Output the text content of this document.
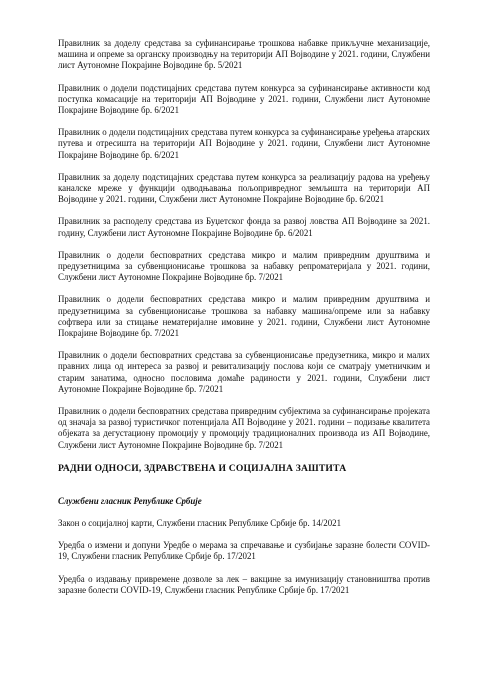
Правилник за доделу средстава за суфинансирање трошкова набавке прикључне механизације, машина и опреме за органску производњу на територији АП Војводине у 2021. години, Службени лист Аутономне Покрајине Војводине бр. 5/2021

Правилник о додели подстицајних средстава путем конкурса за суфинансирање активности код поступка комасације на територији АП Војводине у 2021. години, Службени лист Аутономне Покрајине Војводине бр. 6/2021

Правилник о додели подстицајних средстава путем конкурса за суфинансирање уређења атарских путева и отресишта на територији АП Војводине у 2021. години, Службени лист Аутономне Покрајине Војводине бр. 6/2021

Правилник за доделу подстицајних средстава путем конкурса за реализацију радова на уређењу каналске мреже у функцији одводњавања пољопривредног земљишта на територији АП Војводине у 2021. години, Службени лист Аутономне Покрајине Војводине бр. 6/2021

Правилник за расподелу средстава из Буџетског фонда за развој ловства АП Војводине за 2021. годину, Службени лист Аутономне Покрајине Војводине бр. 6/2021

Правилник о додели бесповратних средстава микро и малим привредним друштвима и предузетницима за субвенционисање трошкова за набавку репроматеријала у 2021. години, Службени лист Аутономне Покрајине Војводине бр. 7/2021

Правилник о додели бесповратних средстава микро и малим привредним друштвима и предузетницима за субвенционисање трошкова за набавку машина/опреме или за набавку софтвера или за стицање нематеријалне имовине у 2021. години, Службени лист Аутономне Покрајине Војводине бр. 7/2021

Правилник о додели бесповратних средстава за субвенционисање предузетника, микро и малих правних лица од интереса за развој и ревитализацију послова који се сматрају уметничким и старим занатима, односно пословима домаће радиности у 2021. години, Службени лист Аутономне Покрајине Војводине бр. 7/2021

Правилник о додели бесповратних средстава привредним субјектима за суфинансирање пројеката од значаја за развој туристичког потенцијала АП Војводине у 2021. години – подизање квалитета објеката за дегустациону промоцију у промоцију традиционалних производа из АП Војводине, Службени лист Аутономне Покрајине Војводине бр. 7/2021

РАДНИ ОДНОСИ, ЗДРАВСТВЕНА И СОЦИЈАЛНА ЗАШТИТА
Службени гласник Републике Србије

Закон о социјалној карти, Службени гласник Републике Србије бр. 14/2021

Уредба о измени и допуни Уредбе о мерама за спречавање и сузбијање заразне болести COVID-19, Службени гласник Републике Србије бр. 17/2021

Уредба о издавању привремене дозволе за лек – вакцине за имунизацију становништва против заразне болести COVID-19, Службени гласник Републике Србије бр. 17/2021
